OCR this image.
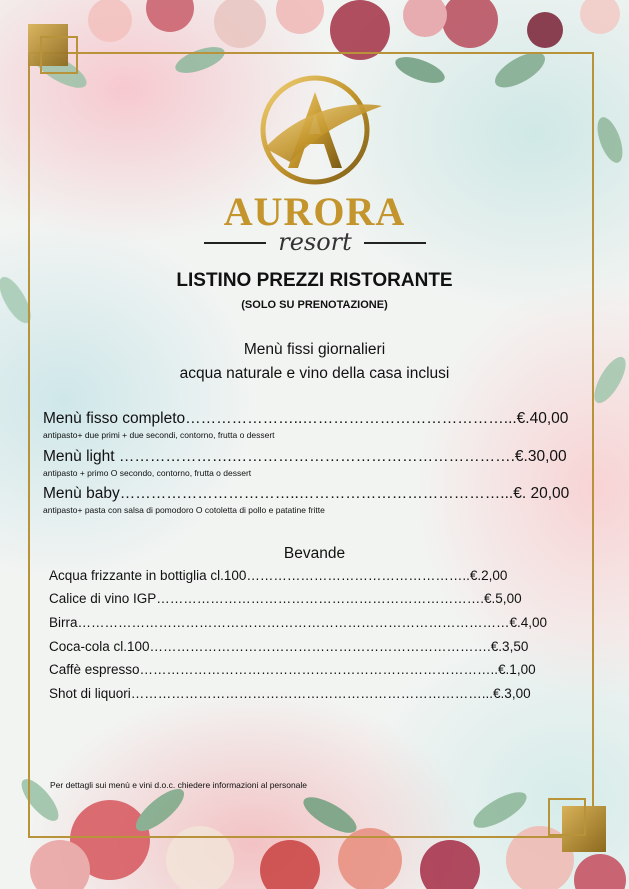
AURORA
resort
LISTINO PREZZI RISTORANTE
(SOLO SU PRENOTAZIONE)
Menù fissi giornalieri
acqua naturale e vino della casa inclusi
Menù fisso completo…………………..…………………………………...€.40,00
antipasto+ due primi + due secondi, contorno, frutta o dessert
Menù light ………………….……………………………………………….€.30,00
antipasto + primo O secondo, contorno, frutta o dessert
Menù baby……………………………..…………………………………...€. 20,00
antipasto+ pasta con salsa di pomodoro O cotoletta di pollo e patatine fritte
Bevande
Acqua frizzante in bottiglia cl.100…………………………………………..€.2,00
Calice di vino IGP……………………………………………………………….€.5,00
Birra……………………………………………………………………………………€.4,00
Coca-cola cl.100………………………………………………………………….€.3,50
Caffè espresso……………………………………………………………………..€.1,00
Shot di liquori……………………………………………………………………...€.3,00
Per dettagli sui menù e vini d.o.c. chiedere informazioni al personale
